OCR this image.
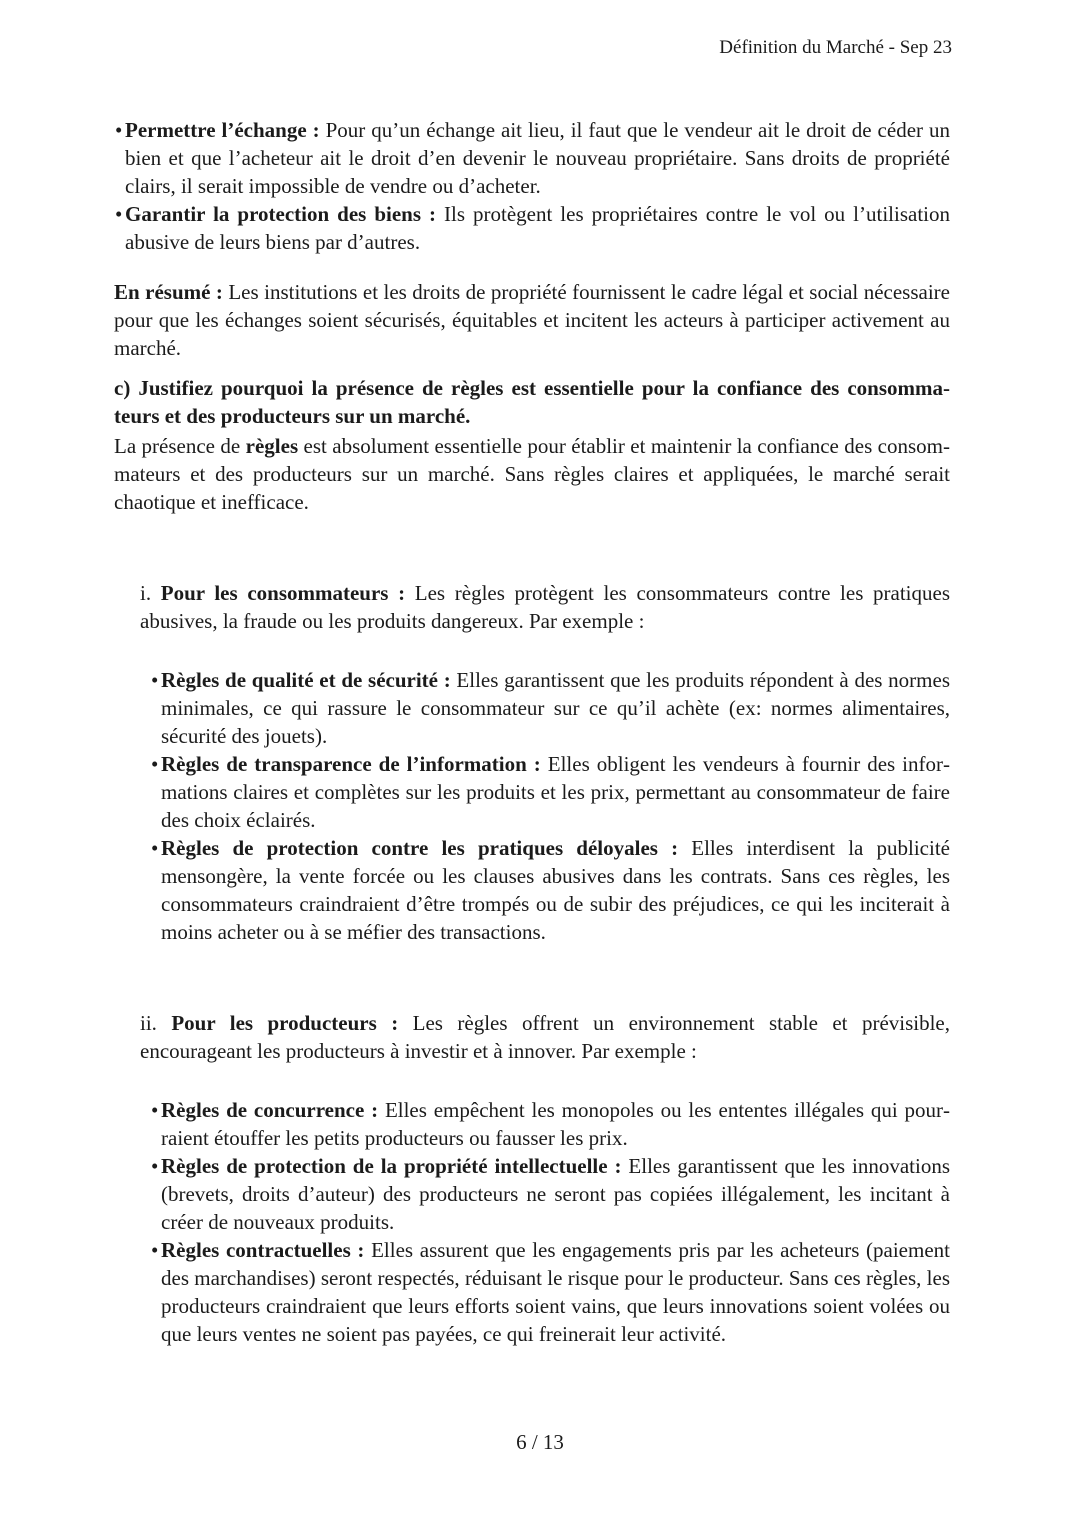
Définition du Marché - Sep 23
• Permettre l’échange : Pour qu’un échange ait lieu, il faut que le vendeur ait le droit de céder un bien et que l’acheteur ait le droit d’en devenir le nouveau propriétaire. Sans droits de propriété clairs, il serait impossible de vendre ou d’acheter.
• Garantir la protection des biens : Ils protègent les propriétaires contre le vol ou l’utilisation abusive de leurs biens par d’autres.

En résumé : Les institutions et les droits de propriété fournissent le cadre légal et social nécessaire pour que les échanges soient sécurisés, équitables et incitent les acteurs à participer activement au marché.

c) Justifiez pourquoi la présence de règles est essentielle pour la confiance des consommateurs et des producteurs sur un marché.

La présence de règles est absolument essentielle pour établir et maintenir la confiance des consommateurs et des producteurs sur un marché. Sans règles claires et appliquées, le marché serait chaotique et inefficace.

i. Pour les consommateurs : Les règles protègent les consommateurs contre les pratiques abusives, la fraude ou les produits dangereux. Par exemple :

• Règles de qualité et de sécurité : Elles garantissent que les produits répondent à des normes minimales, ce qui rassure le consommateur sur ce qu’il achète (ex: normes alimentaires, sécurité des jouets).
• Règles de transparence de l’information : Elles obligent les vendeurs à fournir des informations claires et complètes sur les produits et les prix, permettant au consommateur de faire des choix éclairés.
• Règles de protection contre les pratiques déloyales : Elles interdisent la publicité mensongère, la vente forcée ou les clauses abusives dans les contrats. Sans ces règles, les consommateurs craindraient d’être trompés ou de subir des préjudices, ce qui les inciterait à moins acheter ou à se méfier des transactions.

ii. Pour les producteurs : Les règles offrent un environnement stable et prévisible, encourageant les producteurs à investir et à innover. Par exemple :

• Règles de concurrence : Elles empêchent les monopoles ou les ententes illégales qui pourraient étouffer les petits producteurs ou fausser les prix.
• Règles de protection de la propriété intellectuelle : Elles garantissent que les innovations (brevets, droits d’auteur) des producteurs ne seront pas copiées illégalement, les incitant à créer de nouveaux produits.
• Règles contractuelles : Elles assurent que les engagements pris par les acheteurs (paiement des marchandises) seront respectés, réduisant le risque pour le producteur. Sans ces règles, les producteurs craindraient que leurs efforts soient vains, que leurs innovations soient volées ou que leurs ventes ne soient pas payées, ce qui freinerait leur activité.
6 / 13
